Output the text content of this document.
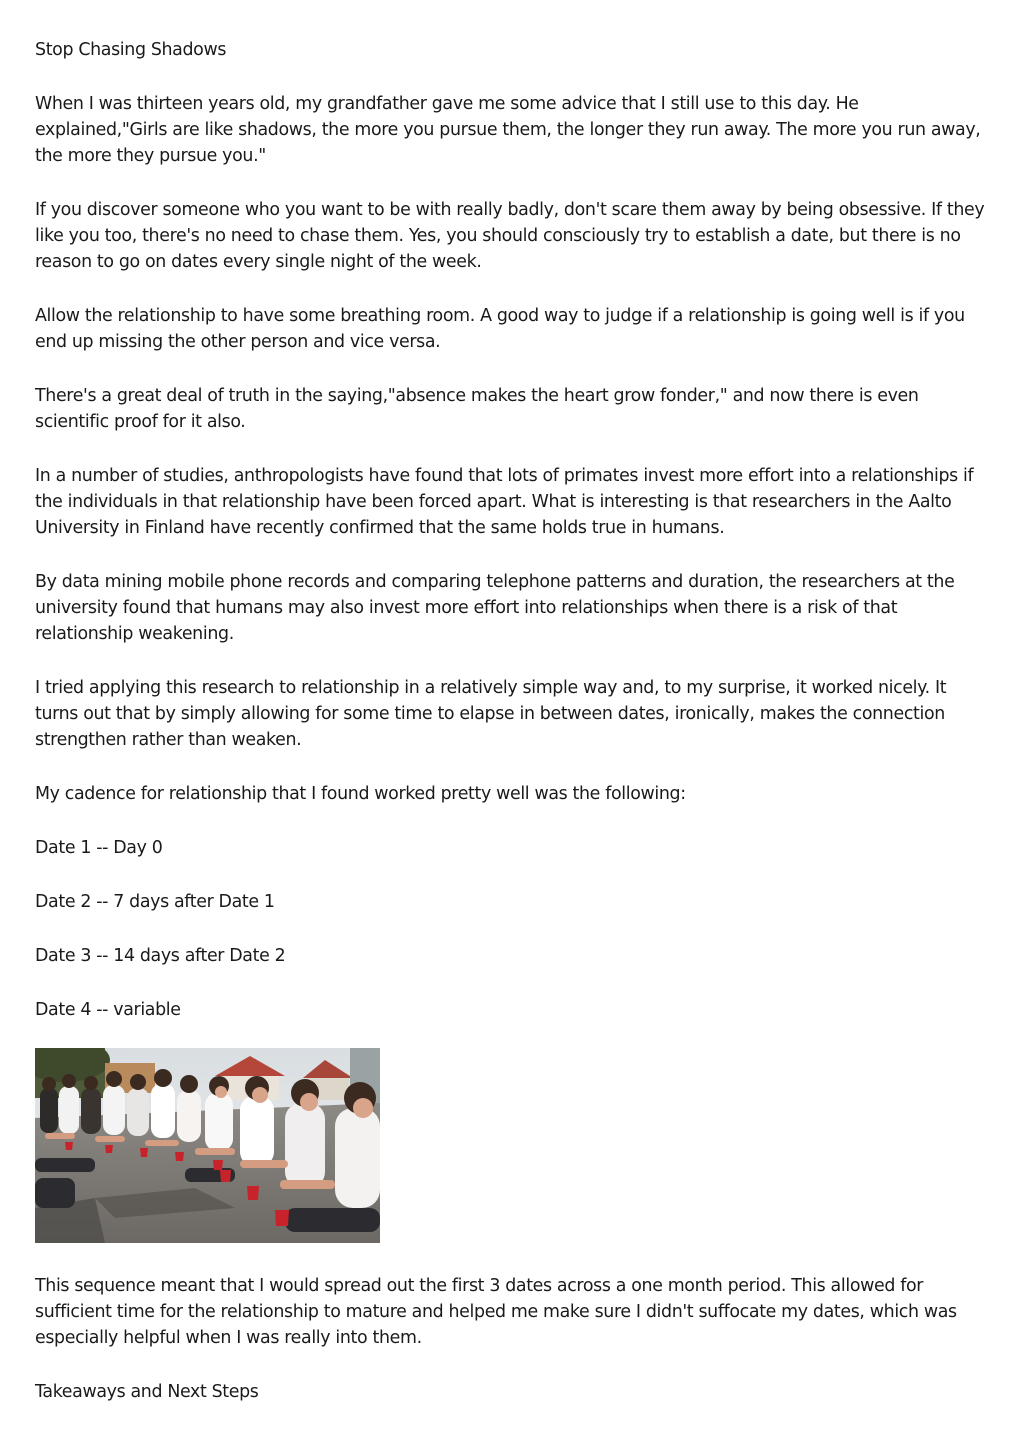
Stop Chasing Shadows

When I was thirteen years old, my grandfather gave me some advice that I still use to this day. He explained,"Girls are like shadows, the more you pursue them, the longer they run away. The more you run away, the more they pursue you."

If you discover someone who you want to be with really badly, don't scare them away by being obsessive. If they like you too, there's no need to chase them. Yes, you should consciously try to establish a date, but there is no reason to go on dates every single night of the week.

Allow the relationship to have some breathing room. A good way to judge if a relationship is going well is if you end up missing the other person and vice versa.

There's a great deal of truth in the saying,"absence makes the heart grow fonder," and now there is even scientific proof for it also.

In a number of studies, anthropologists have found that lots of primates invest more effort into a relationships if the individuals in that relationship have been forced apart. What is interesting is that researchers in the Aalto University in Finland have recently confirmed that the same holds true in humans.

By data mining mobile phone records and comparing telephone patterns and duration, the researchers at the university found that humans may also invest more effort into relationships when there is a risk of that relationship weakening.

I tried applying this research to relationship in a relatively simple way and, to my surprise, it worked nicely. It turns out that by simply allowing for some time to elapse in between dates, ironically, makes the connection strengthen rather than weaken.

My cadence for relationship that I found worked pretty well was the following:

Date 1 -- Day 0

Date 2 -- 7 days after Date 1

Date 3 -- 14 days after Date 2

Date 4 -- variable

This sequence meant that I would spread out the first 3 dates across a one month period. This allowed for sufficient time for the relationship to mature and helped me make sure I didn't suffocate my dates, which was especially helpful when I was really into them.

Takeaways and Next Steps
